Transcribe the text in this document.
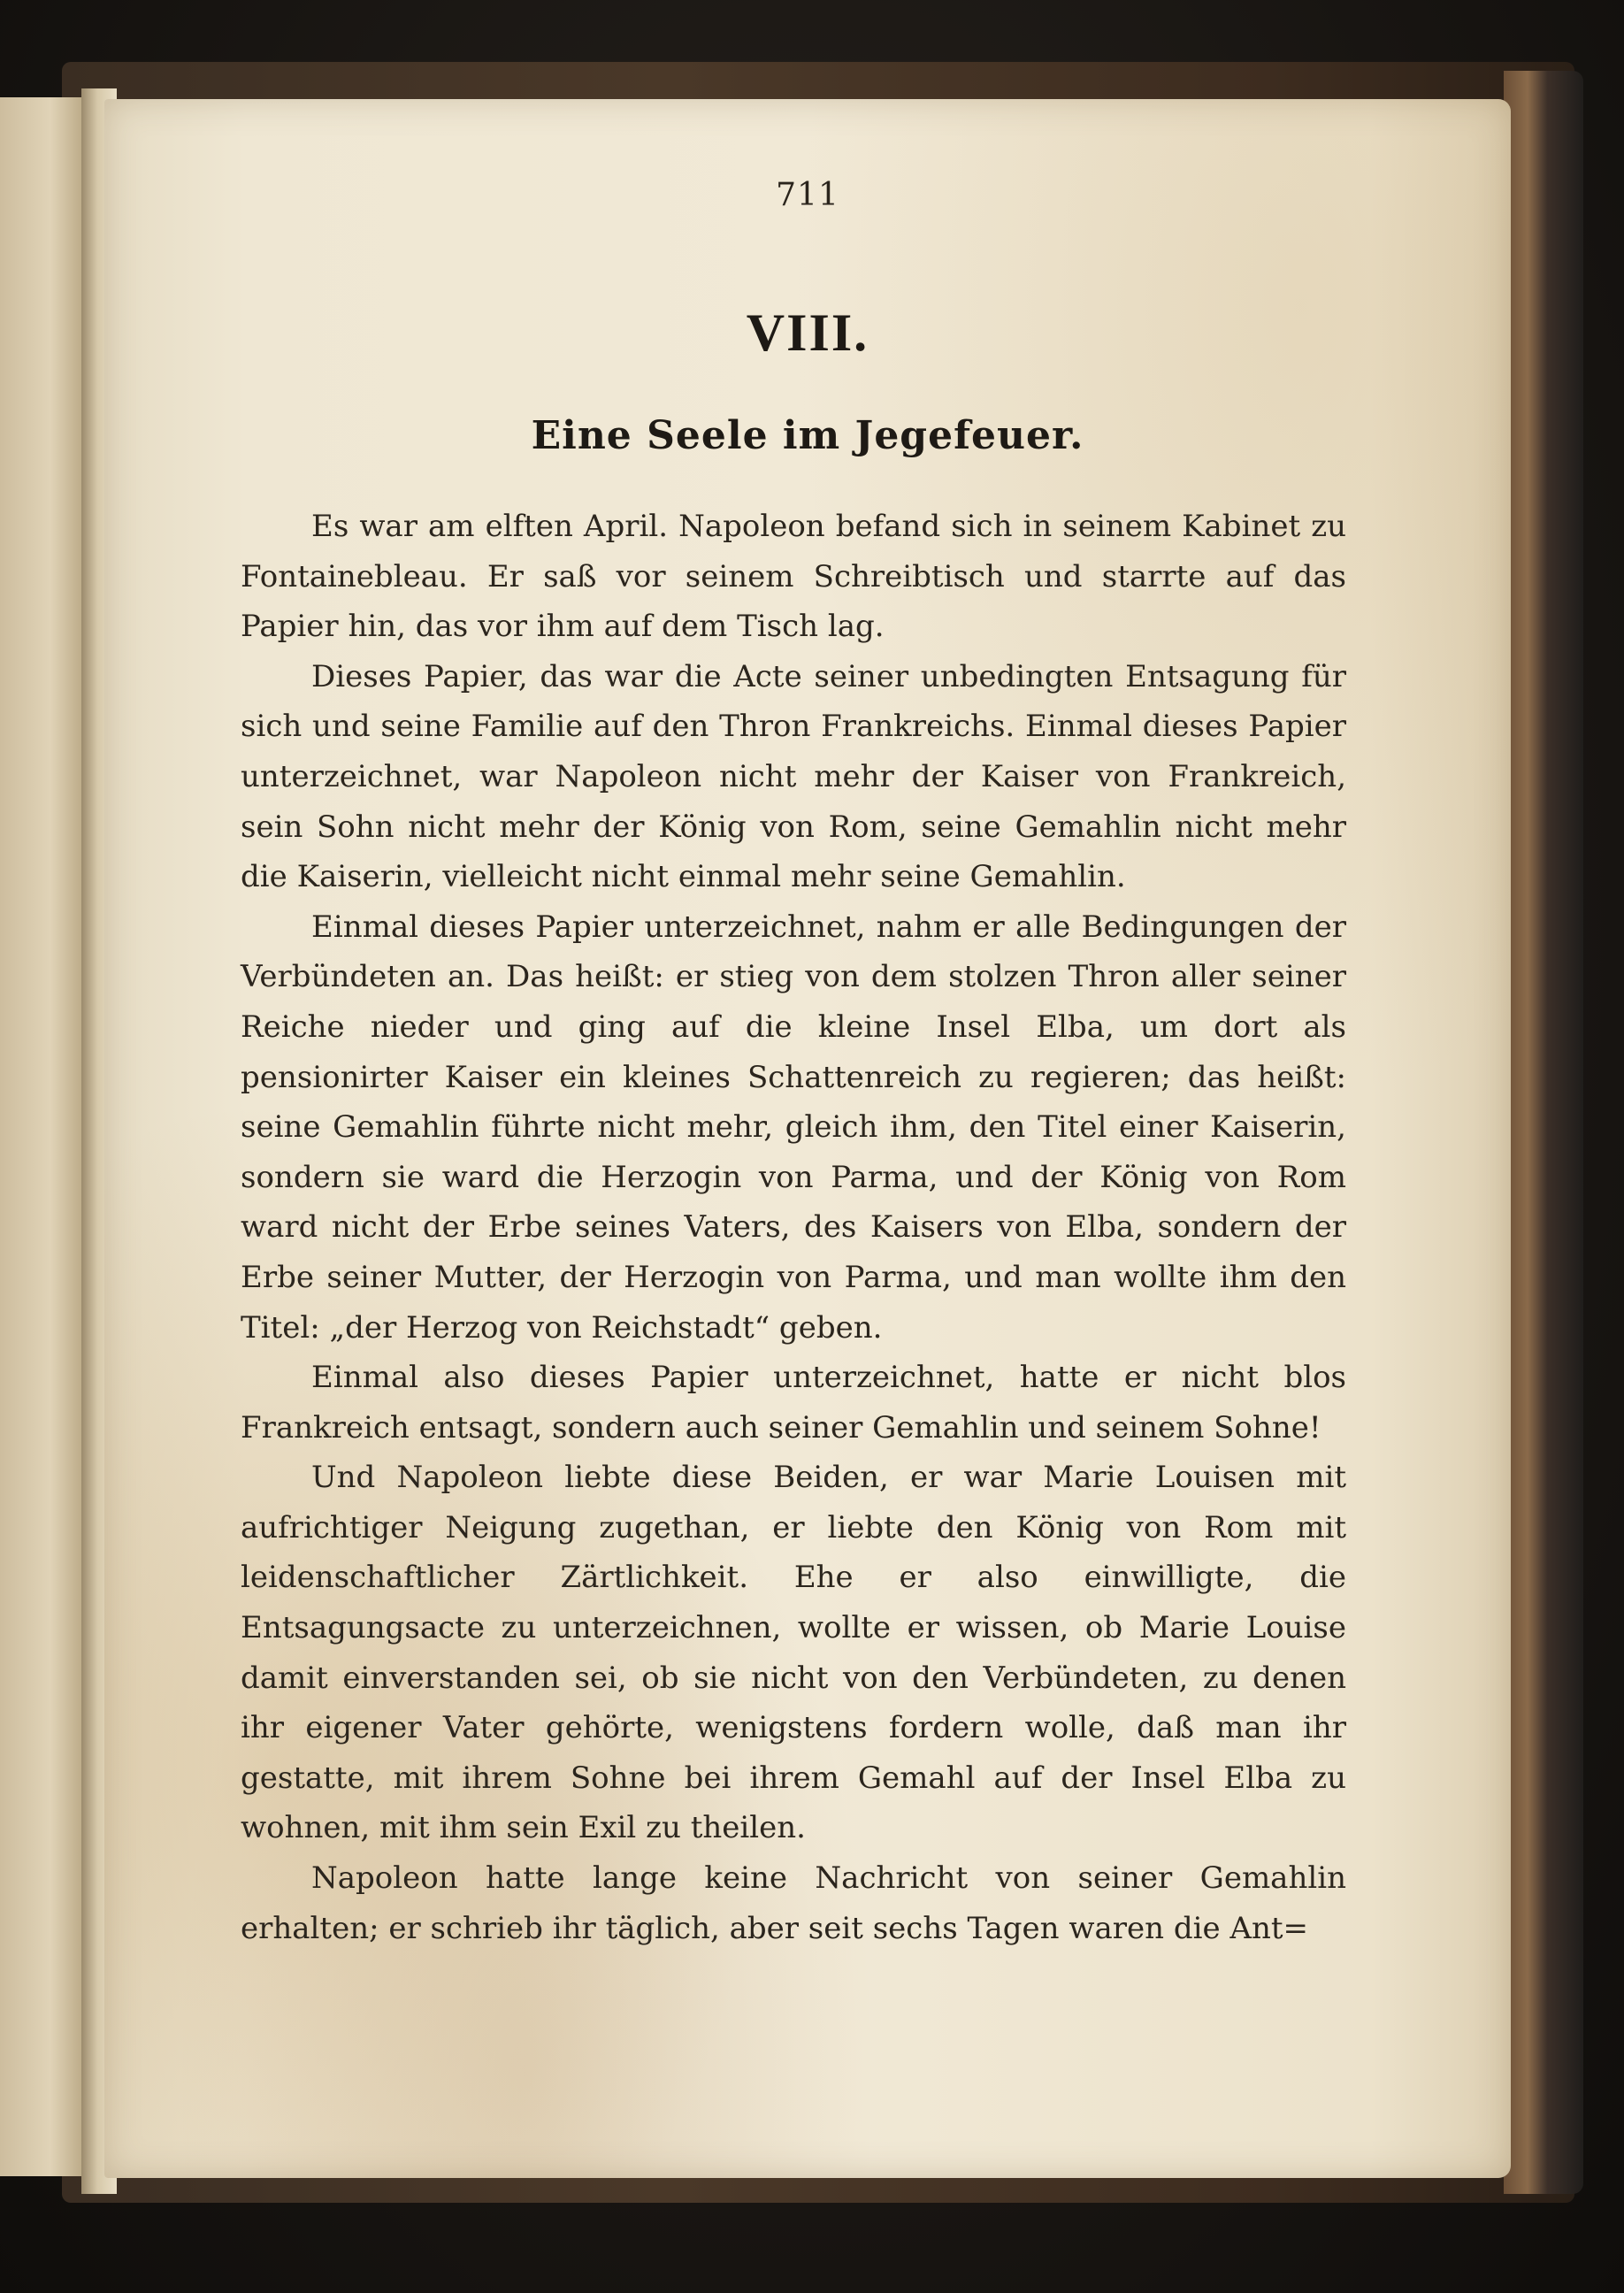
711
VIII.
Eine Seele im Jegefeuer.

Es war am elften April. Napoleon befand sich in seinem Kabinet zu Fontainebleau. Er saß vor seinem Schreibtisch und starrte auf das Papier hin, das vor ihm auf dem Tisch lag.

Dieses Papier, das war die Acte seiner unbedingten Entsagung für sich und seine Familie auf den Thron Frankreichs. Einmal dieses Papier unterzeichnet, war Napoleon nicht mehr der Kaiser von Frankreich, sein Sohn nicht mehr der König von Rom, seine Gemahlin nicht mehr die Kaiserin, vielleicht nicht einmal mehr seine Gemahlin.

Einmal dieses Papier unterzeichnet, nahm er alle Bedingungen der Verbündeten an. Das heißt: er stieg von dem stolzen Thron aller seiner Reiche nieder und ging auf die kleine Insel Elba, um dort als pensionirter Kaiser ein kleines Schattenreich zu regieren; das heißt: seine Gemahlin führte nicht mehr, gleich ihm, den Titel einer Kaiserin, sondern sie ward die Herzogin von Parma, und der König von Rom ward nicht der Erbe seines Vaters, des Kaisers von Elba, sondern der Erbe seiner Mutter, der Herzogin von Parma, und man wollte ihm den Titel: „der Herzog von Reichstadt“ geben.

Einmal also dieses Papier unterzeichnet, hatte er nicht blos Frankreich entsagt, sondern auch seiner Gemahlin und seinem Sohne!

Und Napoleon liebte diese Beiden, er war Marie Louisen mit aufrichtiger Neigung zugethan, er liebte den König von Rom mit leidenschaftlicher Zärtlichkeit. Ehe er also einwilligte, die Entsagungsacte zu unterzeichnen, wollte er wissen, ob Marie Louise damit einverstanden sei, ob sie nicht von den Verbündeten, zu denen ihr eigener Vater gehörte, wenigstens fordern wolle, daß man ihr gestatte, mit ihrem Sohne bei ihrem Gemahl auf der Insel Elba zu wohnen, mit ihm sein Exil zu theilen.

Napoleon hatte lange keine Nachricht von seiner Gemahlin erhalten; er schrieb ihr täglich, aber seit sechs Tagen waren die Ant=
